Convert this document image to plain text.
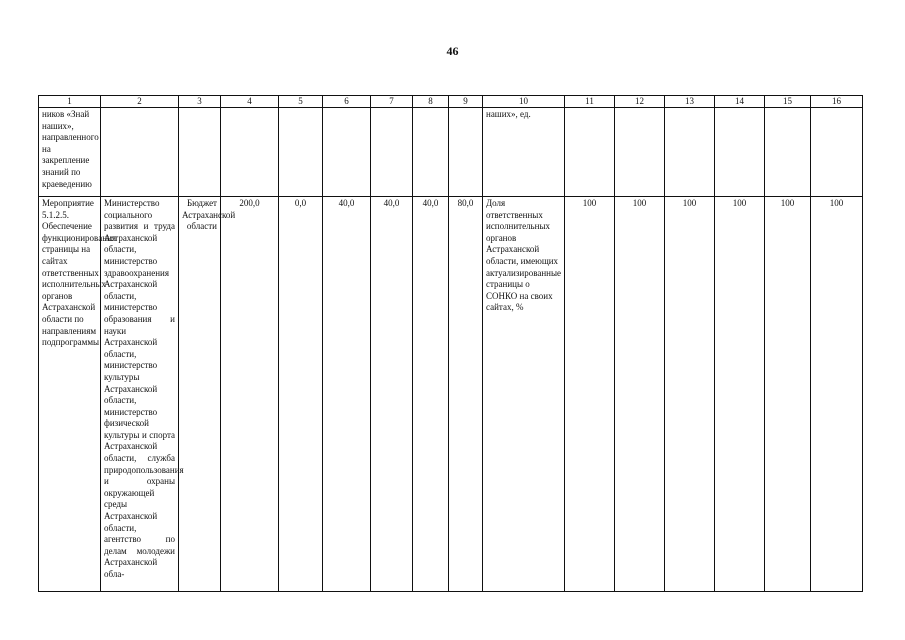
46
1	2	3	4	5	6	7	8	9	10	11	12	13	14	15	16
ников «Знай наших», направленного на закрепление знаний по краеведению									наших», ед.						
Мероприятие 5.1.2.5. Обеспечение функционирования страницы на сайтах ответственных исполнительных органов Астраханской области по направлениям подпрограммы	Министерство социального развития и труда Астраханской области, министерство здравоохранения Астраханской области, министерство образования и науки Астраханской области, министерство культуры Астраханской области, министерство физической культуры и спорта Астраханской области, служба природопользования и охраны окружающей среды Астраханской области, агентство по делам молодежи Астраханской обла-	Бюджет Астраханской области	200,0	0,0	40,0	40,0	40,0	80,0	Доля ответственных исполнительных органов Астраханской области, имеющих актуализированные страницы о СОНКО на своих сайтах, %	100	100	100	100	100	100
